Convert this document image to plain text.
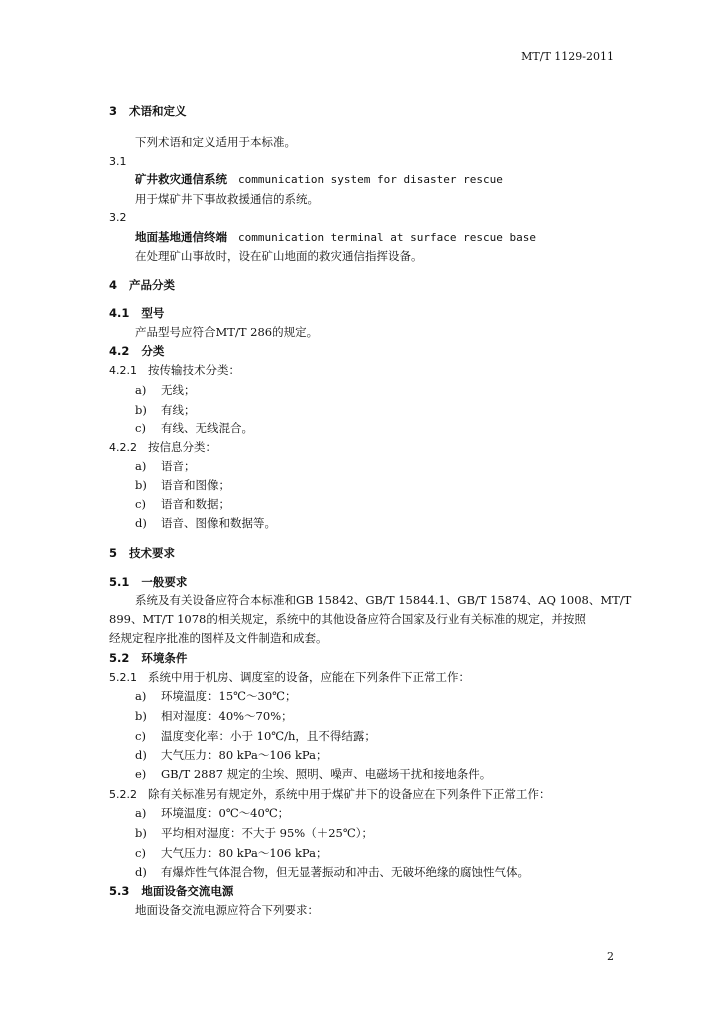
MT/T 1129-2011
3 术语和定义
下列术语和定义适用于本标准。
3.1
矿井救灾通信系统 communication system for disaster rescue
用于煤矿井下事故救援通信的系统。
3.2
地面基地通信终端 communication terminal at surface rescue base
在处理矿山事故时，设在矿山地面的救灾通信指挥设备。
4 产品分类
4.1 型号
产品型号应符合MT/T 286的规定。
4.2 分类
4.2.1 按传输技术分类：
a) 无线；
b) 有线；
c) 有线、无线混合。
4.2.2 按信息分类：
a) 语音；
b) 语音和图像；
c) 语音和数据；
d) 语音、图像和数据等。
5 技术要求
5.1 一般要求
系统及有关设备应符合本标准和GB 15842、GB/T 15844.1、GB/T 15874、AQ 1008、MT/T
899、MT/T 1078的相关规定，系统中的其他设备应符合国家及行业有关标准的规定，并按照
经规定程序批准的图样及文件制造和成套。
5.2 环境条件
5.2.1 系统中用于机房、调度室的设备，应能在下列条件下正常工作：
a) 环境温度：15℃～30℃；
b) 相对湿度：40%～70%；
c) 温度变化率：小于 10℃/h，且不得结露；
d) 大气压力：80 kPa～106 kPa；
e) GB/T 2887 规定的尘埃、照明、噪声、电磁场干扰和接地条件。
5.2.2 除有关标准另有规定外，系统中用于煤矿井下的设备应在下列条件下正常工作：
a) 环境温度：0℃～40℃；
b) 平均相对湿度：不大于 95%（＋25℃）；
c) 大气压力：80 kPa～106 kPa；
d) 有爆炸性气体混合物，但无显著振动和冲击、无破坏绝缘的腐蚀性气体。
5.3 地面设备交流电源
地面设备交流电源应符合下列要求：
2
